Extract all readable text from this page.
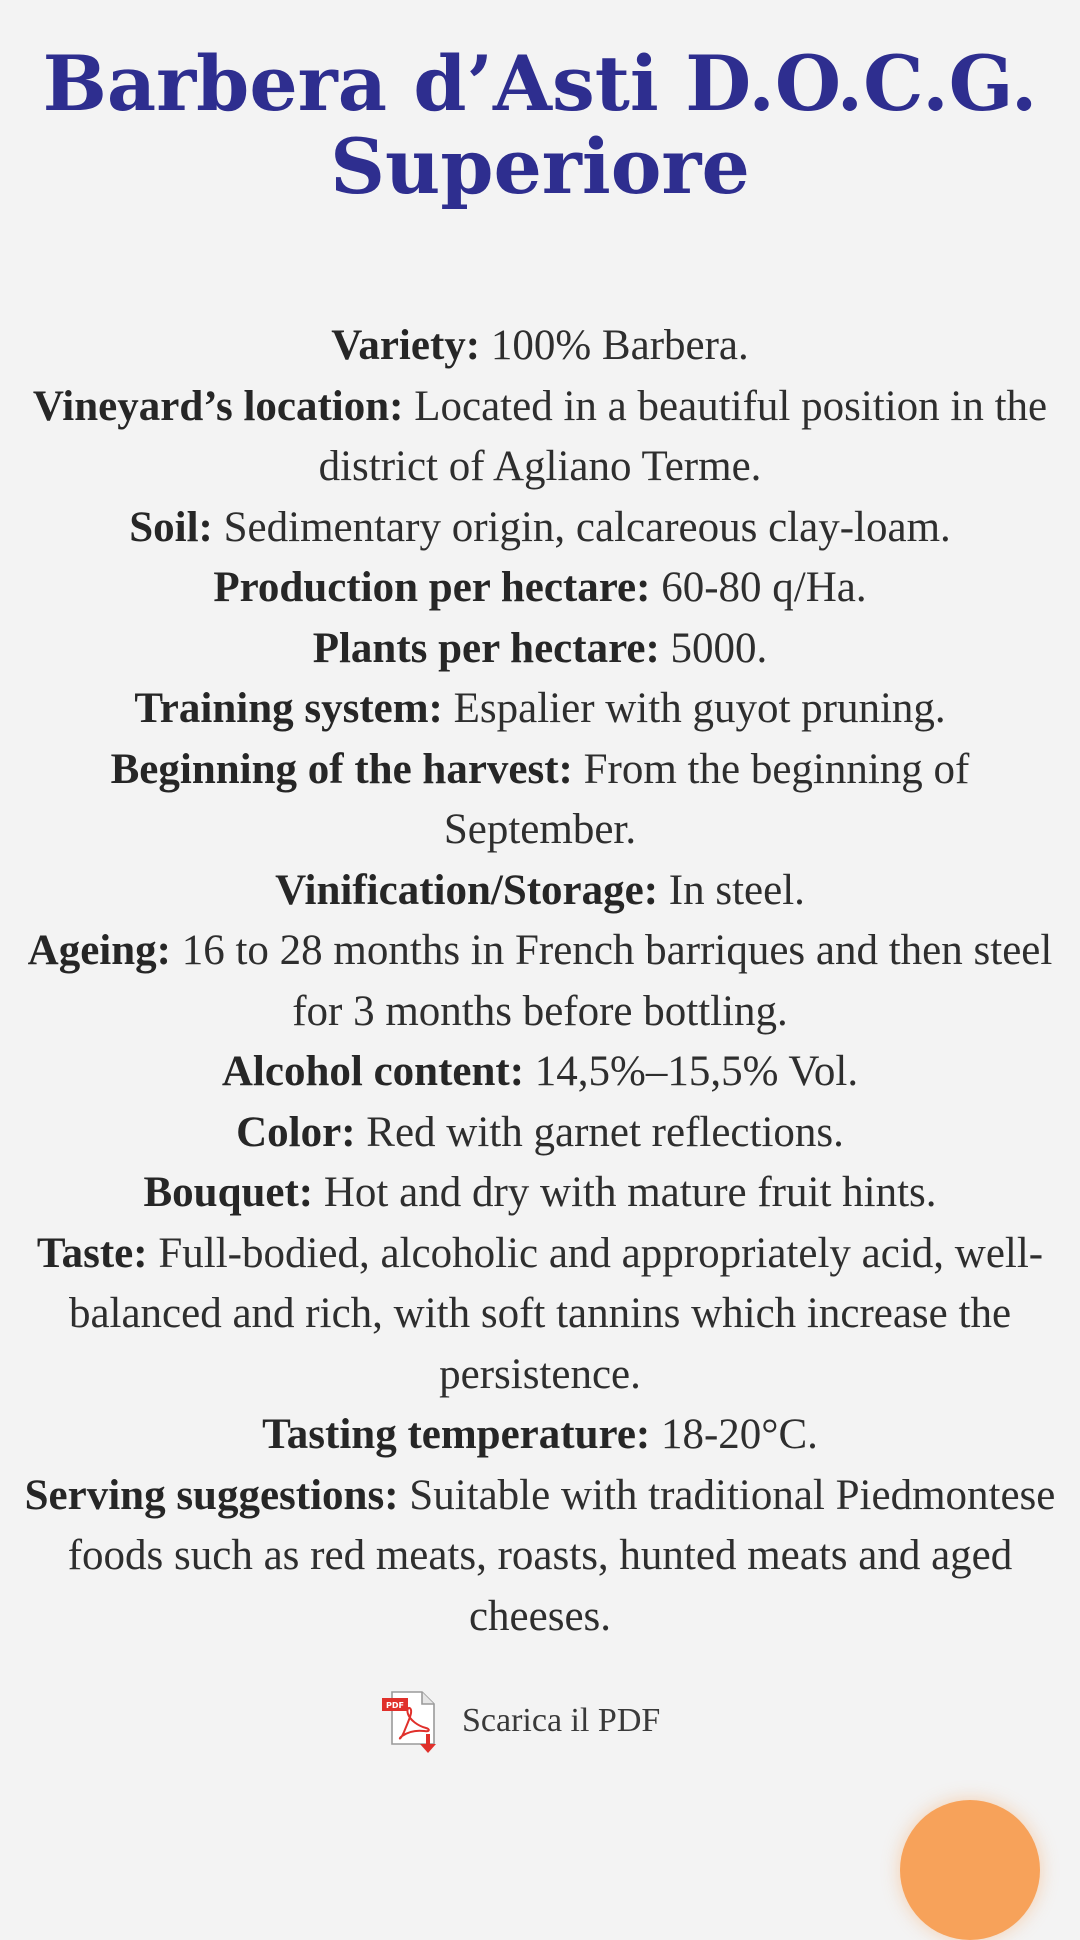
Barbera d’Asti D.O.C.G.
Superiore
Variety: 100% Barbera.
Vineyard’s location: Located in a beautiful position in the district of Agliano Terme.
Soil: Sedimentary origin, calcareous clay-loam.
Production per hectare: 60-80 q/Ha.
Plants per hectare: 5000.
Training system: Espalier with guyot pruning.
Beginning of the harvest: From the beginning of September.
Vinification/Storage: In steel.
Ageing: 16 to 28 months in French barriques and then steel for 3 months before bottling.
Alcohol content: 14,5%–15,5% Vol.
Color: Red with garnet reflections.
Bouquet: Hot and dry with mature fruit hints.
Taste: Full-bodied, alcoholic and appropriately acid, well-balanced and rich, with soft tannins which increase the persistence.
Tasting temperature: 18-20°C.
Serving suggestions: Suitable with traditional Piedmontese foods such as red meats, roasts, hunted meats and aged cheeses.
PDF Scarica il PDF
